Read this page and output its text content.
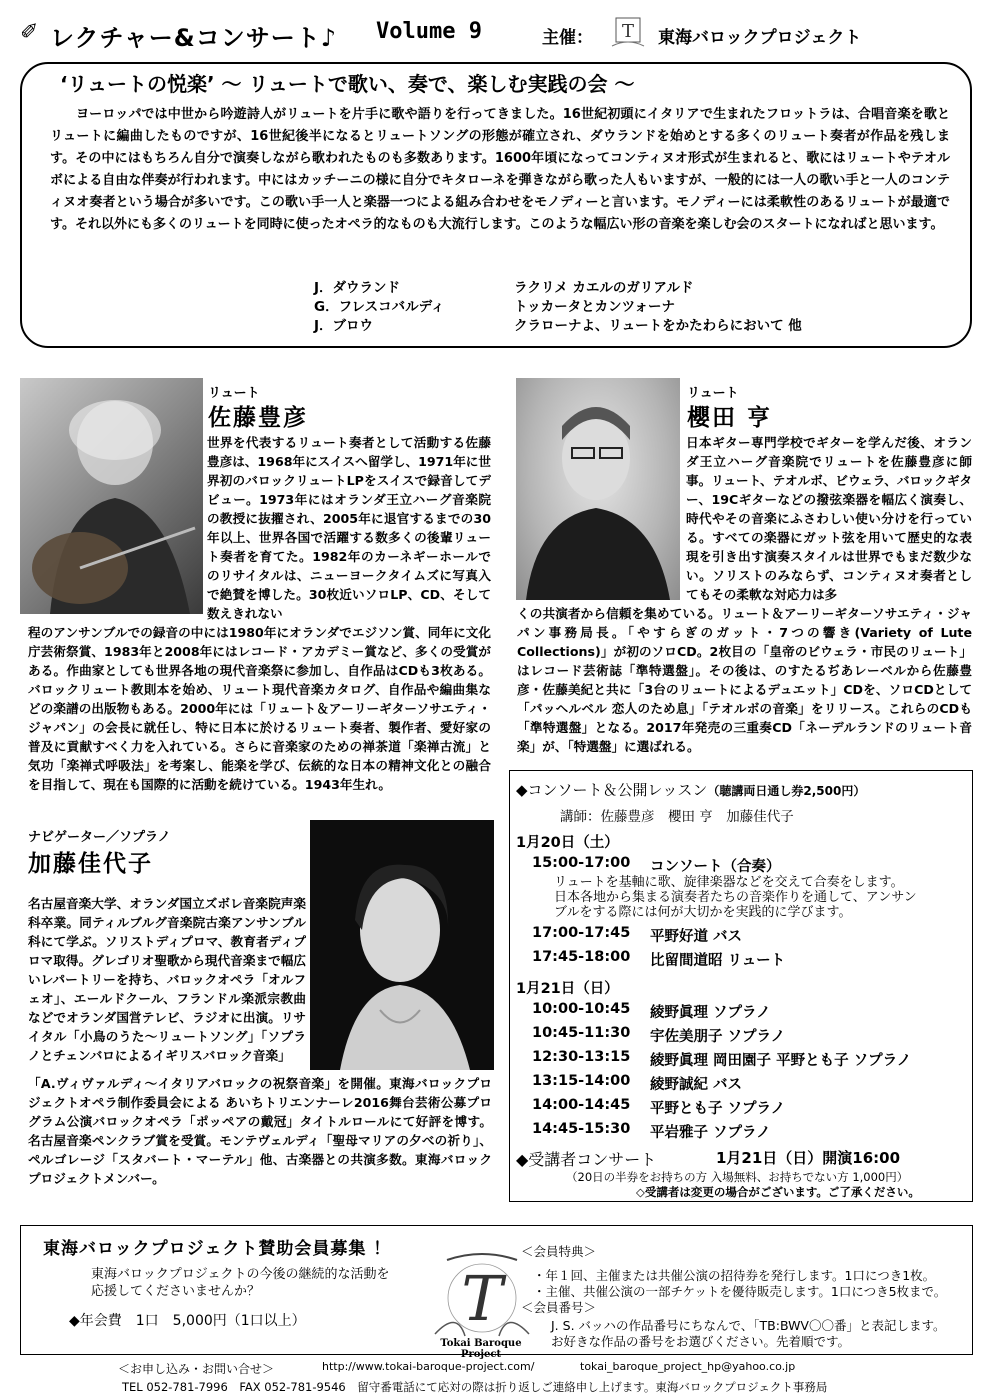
✐ レクチャー&コンサート♪ Volume 9	主催： T 東海バロックプロジェクト
‘リュートの悦楽’ ～ リュートで歌い、奏で、楽しむ実践の会 ～
ヨーロッパでは中世から吟遊詩人がリュートを片手に歌や語りを行ってきました。16世紀初頭にイタリアで生まれたフロットラは、合唱音楽を歌とリュートに編曲したものですが、16世紀後半になるとリュートソングの形態が確立され、ダウランドを始めとする多くのリュート奏者が作品を残します。その中にはもちろん自分で演奏しながら歌われたものも多数あります。1600年頃になってコンティヌオ形式が生まれると、歌にはリュートやテオルボによる自由な伴奏が行われます。中にはカッチーニの様に自分でキタローネを弾きながら歌った人もいますが、一般的には一人の歌い手と一人のコンティヌオ奏者という場合が多いです。この歌い手一人と楽器一つによる組み合わせをモノディーと言います。モノディーには柔軟性のあるリュートが最適です。それ以外にも多くのリュートを同時に使ったオペラ的なものも大流行します。このような幅広い形の音楽を楽しむ会のスタートになればと思います。
J．ダウランド	ラクリメ カエルのガリアルド
G．フレスコバルディ	トッカータとカンツォーナ
J．ブロウ	クラローナよ、リュートをかたわらにおいて 他
リュート
佐藤豊彦
世界を代表するリュート奏者として活動する佐藤豊彦は、1968年にスイスへ留学し、1971年に世界初のバロックリュートLPをスイスで録音してデビュー。1973年にはオランダ王立ハーグ音楽院の教授に抜擢され、2005年に退官するまでの30年以上、世界各国で活躍する数多くの後輩リュート奏者を育てた。1982年のカーネギーホールでのリサイタルは、ニューヨークタイムズに写真入で絶賛を博した。30枚近いソロLP、CD、そして数えきれない
程のアンサンブルでの録音の中には1980年にオランダでエジソン賞、同年に文化庁芸術祭賞、1983年と2008年にはレコード・アカデミー賞など、多くの受賞がある。作曲家としても世界各地の現代音楽祭に参加し、自作品はCDも3枚ある。バロックリュート教則本を始め、リュート現代音楽カタログ、自作品や編曲集などの楽譜の出版物もある。2000年には「リュート＆アーリーギターソサエティ・ジャパン」の会長に就任し、特に日本に於けるリュート奏者、製作者、愛好家の普及に貢献すべく力を入れている。さらに音楽家のための禅茶道「楽禅古流」と気功「楽禅式呼吸法」を考案し、能楽を学び、伝統的な日本の精神文化との融合を目指して、現在も国際的に活動を続けている。1943年生れ。
リュート
櫻田 亨
日本ギター専門学校でギターを学んだ後、オランダ王立ハーグ音楽院でリュートを佐藤豊彦に師事。リュート、テオルボ、ビウェラ、バロックギター、19Cギターなどの撥弦楽器を幅広く演奏し、時代やその音楽にふさわしい使い分けを行っている。すべての楽器にガット弦を用いて歴史的な表現を引き出す演奏スタイルは世界でもまだ数少ない。ソリストのみならず、コンティヌオ奏者としてもその柔軟な対応力は多
くの共演者から信頼を集めている。リュート＆アーリーギターソサエティ・ジャパン事務局長。「やすらぎのガット・7つの響き(Variety of Lute Collections)」が初のソロCD。2枚目の「皇帝のビウェラ・市民のリュート」はレコード芸術誌「準特選盤」。その後は、のすたるぢあレーベルから佐藤豊彦・佐藤美紀と共に「3台のリュートによるデュエット」CDを、ソロCDとして「パッヘルベル 恋人のため息」「テオルボの音楽」をリリース。これらのCDも「準特選盤」となる。2017年発売の三重奏CD「ネーデルランドのリュート音楽」が、「特選盤」に選ばれる。
ナビゲーター／ソプラノ
加藤佳代子
名古屋音楽大学、オランダ国立ズボレ音楽院声楽科卒業。同ティルブルグ音楽院古楽アンサンブル科にて学ぶ。ソリストディプロマ、教育者ディプロマ取得。グレゴリオ聖歌から現代音楽まで幅広いレパートリーを持ち、バロックオペラ「オルフェオ」、エールドクール、フランドル楽派宗教曲などでオランダ国営テレビ、ラジオに出演。リサイタル「小鳥のうた～リュートソング」「ソプラノとチェンバロによるイギリスバロック音楽」
「A.ヴィヴァルディ～イタリアバロックの祝祭音楽」を開催。東海バロックプロジェクトオペラ制作委員会による あいちトリエンナーレ2016舞台芸術公募プログラム公演バロックオペラ「ポッペアの戴冠」タイトルロールにて好評を博す。名古屋音楽ペンクラブ賞を受賞。モンテヴェルディ「聖母マリアの夕べの祈り」、ペルゴレージ「スタバート・マーテル」他、古楽器との共演多数。東海バロックプロジェクトメンバー。
◆コンソート＆公開レッスン（聴講両日通し券2,500円）
講師：佐藤豊彦　櫻田 亨　加藤佳代子
1月20日（土）
15:00-17:00 コンソート（合奏）
リュートを基軸に歌、旋律楽器などを交えて合奏をします。
日本各地から集まる演奏者たちの音楽作りを通して、アンサン
ブルをする際には何が大切かを実践的に学びます。
17:00-17:45 平野好道 バス
17:45-18:00 比留間道昭 リュート
1月21日（日）
10:00-10:45 綾野眞理 ソプラノ
10:45-11:30 宇佐美朋子 ソプラノ
12:30-13:15 綾野眞理 岡田園子 平野とも子 ソプラノ
13:15-14:00 綾野誠紀 バス
14:00-14:45 平野とも子 ソプラノ
14:45-15:30 平岩雅子 ソプラノ
◆受講者コンサート	1月21日（日）開演16:00
（20日の半券をお持ちの方 入場無料、お持ちでない方 1,000円）
◇受講者は変更の場合がございます。ご了承ください。
東海バロックプロジェクト賛助会員募集 ！
東海バロックプロジェクトの今後の継続的な活動を
応援してくださいませんか？
◆年会費　1口　5,000円（1口以上）	T
Tokai Baroque Project
＜会員特典＞
・年１回、主催または共催公演の招待券を発行します。1口につき1枚。
・主催、共催公演の一部チケットを優待販売します。1口につき5枚まで。
＜会員番号＞
J. S. バッハの作品番号にちなんで、「TB:BWV〇〇番」と表記します。
お好きな作品の番号をお選びください。先着順です。
＜お申し込み・お問い合せ＞	http://www.tokai-baroque-project.com/	tokai_baroque_project_hp@yahoo.co.jp
TEL 052-781-7996　FAX 052-781-9546　留守番電話にて応対の際は折り返しご連絡申し上げます。東海バロックプロジェクト事務局
